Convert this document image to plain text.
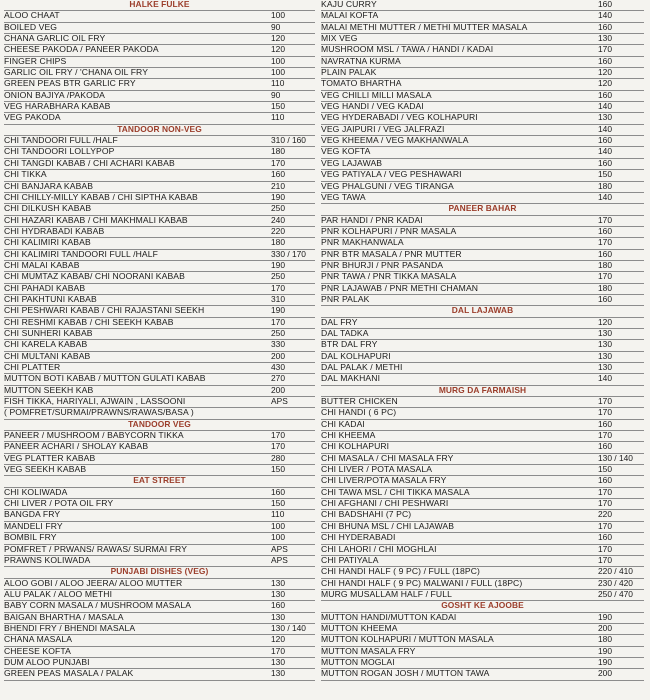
HALKE FULKE
ALOO CHAAT	100
BOILED VEG	90
CHANA GARLIC OIL FRY	120
CHEESE PAKODA / PANEER PAKODA	120
FINGER CHIPS	100
GARLIC OIL FRY / 'CHANA OIL FRY	100
GREEN PEAS BTR GARLIC FRY	110
ONION BAJIYA /PAKODA	90
VEG HARABHARA KABAB	150
VEG PAKODA	110
TANDOOR NON-VEG
CHI TANDOORI FULL /HALF	310 / 160
CHI TANDOORI LOLLYPOP	180
CHI TANGDI KABAB / CHI ACHARI KABAB	170
CHI TIKKA	160
CHI BANJARA KABAB	210
CHI CHILLY-MILLY KABAB / CHI SIPTHA KABAB	190
CHI DILKUSH KABAB	250
CHI HAZARI KABAB / CHI MAKHMALI KABAB	240
CHI HYDRABADI KABAB	220
CHI KALIMIRI KABAB	180
CHI KALIMIRI TANDOORI FULL /HALF	330 / 170
CHI MALAI KABAB	190
CHI MUMTAZ KABAB/ CHI NOORANI KABAB	250
CHI PAHADI KABAB	170
CHI PAKHTUNI KABAB	310
CHI PESHWARI KABAB / CHI RAJASTANI SEEKH	190
CHI RESHMI KABAB / CHI SEEKH KABAB	170
CHI SUNHERI KABAB	250
CHI KARELA KABAB	330
CHI MULTANI KABAB	200
CHI PLATTER	430
MUTTON BOTI KABAB / MUTTON GULATI KABAB	270
MUTTON SEEKH KAB	200
FISH TIKKA, HARIYALI, AJWAIN , LASSOONI	APS
( POMFRET/SURMAI/PRAWNS/RAWAS/BASA )
TANDOOR VEG
PANEER / MUSHROOM / BABYCORN TIKKA	170
PANEER ACHARI / SHOLAY KABAB	170
VEG PLATTER KABAB	280
VEG SEEKH KABAB	150
EAT STREET
CHI KOLIWADA	160
CHI LIVER / POTA OIL FRY	150
BANGDA FRY	110
MANDELI FRY	100
BOMBIL FRY	100
POMFRET / PRWANS/ RAWAS/ SURMAI FRY	APS
PRAWNS KOLIWADA	APS
PUNJABI DISHES (VEG)
ALOO GOBI / ALOO JEERA/ ALOO MUTTER	130
ALU PALAK / ALOO METHI	130
BABY CORN MASALA / MUSHROOM MASALA	160
BAIGAN BHARTHA / MASALA	130
BHENDI FRY / BHENDI MASALA	130 / 140
CHANA MASALA	120
CHEESE KOFTA	170
DUM ALOO PUNJABI	130
GREEN PEAS MASALA / PALAK	130
KAJU CURRY	160
MALAI KOFTA	140
MALAI METHI MUTTER / METHI MUTTER MASALA	160
MIX VEG	130
MUSHROOM MSL / TAWA / HANDI / KADAI	170
NAVRATNA KURMA	160
PLAIN PALAK	120
TOMATO BHARTHA	120
VEG CHILLI MILLI MASALA	160
VEG HANDI / VEG KADAI	140
VEG HYDERABADI / VEG KOLHAPURI	130
VEG JAIPURI / VEG JALFRAZI	140
VEG KHEEMA / VEG MAKHANWALA	160
VEG KOFTA	140
VEG LAJAWAB	160
VEG PATIYALA / VEG PESHAWARI	150
VEG PHALGUNI / VEG TIRANGA	180
VEG TAWA	140
PANEER BAHAR
PAR HANDI / PNR KADAI	170
PNR KOLHAPURI / PNR MASALA	160
PNR MAKHANWALA	170
PNR BTR MASALA / PNR MUTTER	160
PNR BHURJI / PNR PASANDA	180
PNR TAWA / PNR TIKKA MASALA	170
PNR LAJAWAB / PNR METHI CHAMAN	180
PNR PALAK	160
DAL LAJAWAB
DAL FRY	120
DAL TADKA	130
BTR DAL FRY	130
DAL KOLHAPURI	130
DAL PALAK / METHI	130
DAL MAKHANI	140
MURG DA FARMAISH
BUTTER CHICKEN	170
CHI HANDI ( 6 PC)	170
CHI KADAI	160
CHI KHEEMA	170
CHI KOLHAPURI	160
CHI MASALA / CHI MASALA FRY	130 / 140
CHI LIVER / POTA MASALA	150
CHI LIVER/POTA MASALA FRY	160
CHI TAWA MSL / CHI TIKKA MASALA	170
CHI AFGHANI / CHI PESHWARI	170
CHI BADSHAHI (7 PC)	220
CHI BHUNA MSL / CHI LAJAWAB	170
CHI HYDERABADI	160
CHI LAHORI / CHI MOGHLAI	170
CHI PATIYALA	170
CHI HANDI HALF ( 9 PC) / FULL (18PC)	220 / 410
CHI HANDI HALF ( 9 PC) MALWANI / FULL (18PC)	230 / 420
MURG MUSALLAM HALF / FULL	250 / 470
GOSHT KE AJOOBE
MUTTON HANDI/MUTTON KADAI	190
MUTTON KHEEMA	200
MUTTON KOLHAPURI / MUTTON MASALA	180
MUTTON MASALA FRY	190
MUTTON MOGLAI	190
MUTTON ROGAN JOSH / MUTTON TAWA	200
